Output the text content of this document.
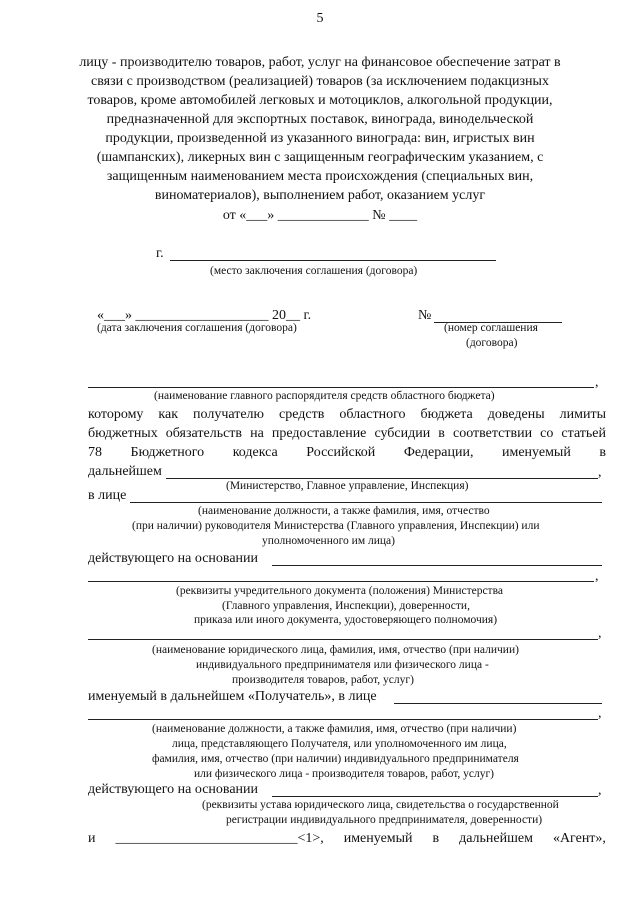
5
лицу - производителю товаров, работ, услуг на финансовое обеспечение затрат в
связи с производством (реализацией) товаров (за исключением подакцизных
товаров, кроме автомобилей легковых и мотоциклов, алкогольной продукции,
предназначенной для экспортных поставок, винограда, винодельческой
продукции, произведенной из указанного винограда: вин, игристых вин
(шампанских), ликерных вин с защищенным географическим указанием, с
защищенным наименованием места происхождения (специальных вин,
виноматериалов), выполнением работ, оказанием услуг
от «___» _____________ № ____
г.
(место заключения соглашения (договора)
«___» ___________________ 20__ г.
(дата заключения соглашения (договора)
№
(номер соглашения
(договора)
,
(наименование главного распорядителя средств областного бюджета)
которому как получателю средств областного бюджета доведены лимиты
бюджетных обязательств на предоставление субсидии в соответствии со статьей
78 Бюджетного кодекса Российской Федерации, именуемый в
дальнейшем	,
(Министерство, Главное управление, Инспекция)
в лице
(наименование должности, а также фамилия, имя, отчество
(при наличии) руководителя Министерства (Главного управления, Инспекции) или
уполномоченного им лица)
действующего на основании
,
(реквизиты учредительного документа (положения) Министерства
(Главного управления, Инспекции), доверенности,
приказа или иного документа, удостоверяющего полномочия)
,
(наименование юридического лица, фамилия, имя, отчество (при наличии)
индивидуального предпринимателя или физического лица -
производителя товаров, работ, услуг)
именуемый в дальнейшем «Получатель», в лице
,
(наименование должности, а также фамилия, имя, отчество (при наличии)
лица, представляющего Получателя, или уполномоченного им лица,
фамилия, имя, отчество (при наличии) индивидуального предпринимателя
или физического лица - производителя товаров, работ, услуг)
действующего на основании	,
(реквизиты устава юридического лица, свидетельства о государственной
регистрации индивидуального предпринимателя, доверенности)
и __________________________<1>, именуемый в дальнейшем «Агент»,
